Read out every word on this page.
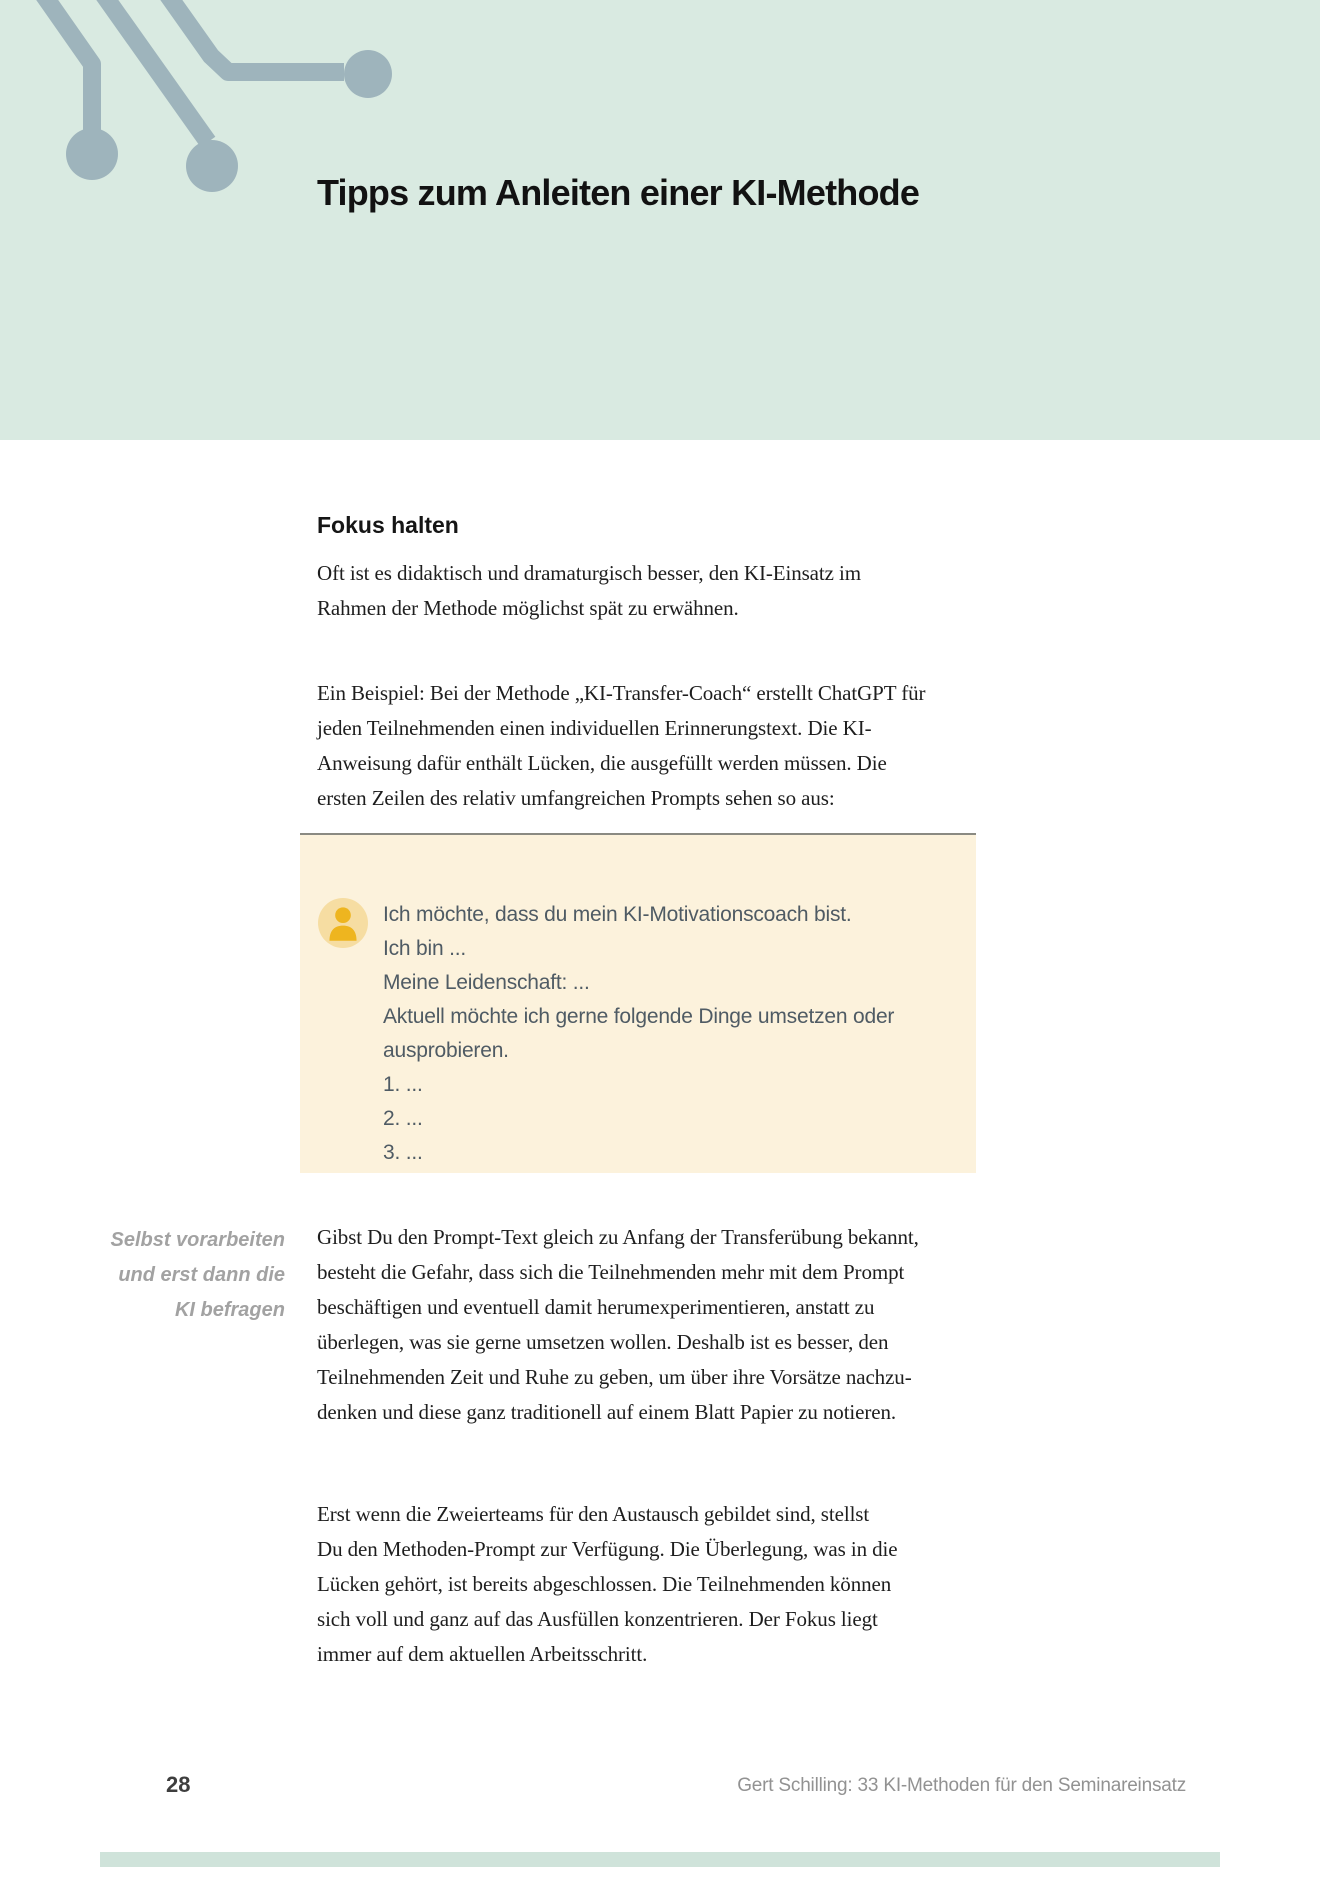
Tipps zum Anleiten einer KI-Methode
Fokus halten
Oft ist es didaktisch und dramaturgisch besser, den KI-Einsatz im
Rahmen der Methode möglichst spät zu erwähnen.
Ein Beispiel: Bei der Methode „KI-Transfer-Coach“ erstellt ChatGPT für
jeden Teilnehmenden einen individuellen Erinnerungstext. Die KI-
Anweisung dafür enthält Lücken, die ausgefüllt werden müssen. Die
ersten Zeilen des relativ umfangreichen Prompts sehen so aus:
Ich möchte, dass du mein KI-Motivationscoach bist.
Ich bin ...
Meine Leidenschaft: ...
Aktuell möchte ich gerne folgende Dinge umsetzen oder
ausprobieren.
1. ...
2. ...
3. ...
Selbst vorarbeiten
und erst dann die
KI befragen
Gibst Du den Prompt-Text gleich zu Anfang der Transferübung bekannt,
besteht die Gefahr, dass sich die Teilnehmenden mehr mit dem Prompt
beschäftigen und eventuell damit herumexperimentieren, anstatt zu
überlegen, was sie gerne umsetzen wollen. Deshalb ist es besser, den
Teilnehmenden Zeit und Ruhe zu geben, um über ihre Vorsätze nachzu-
denken und diese ganz traditionell auf einem Blatt Papier zu notieren.
Erst wenn die Zweierteams für den Austausch gebildet sind, stellst
Du den Methoden-Prompt zur Verfügung. Die Überlegung, was in die
Lücken gehört, ist bereits abgeschlossen. Die Teilnehmenden können
sich voll und ganz auf das Ausfüllen konzentrieren. Der Fokus liegt
immer auf dem aktuellen Arbeitsschritt.
28	Gert Schilling: 33 KI-Methoden für den Seminareinsatz
